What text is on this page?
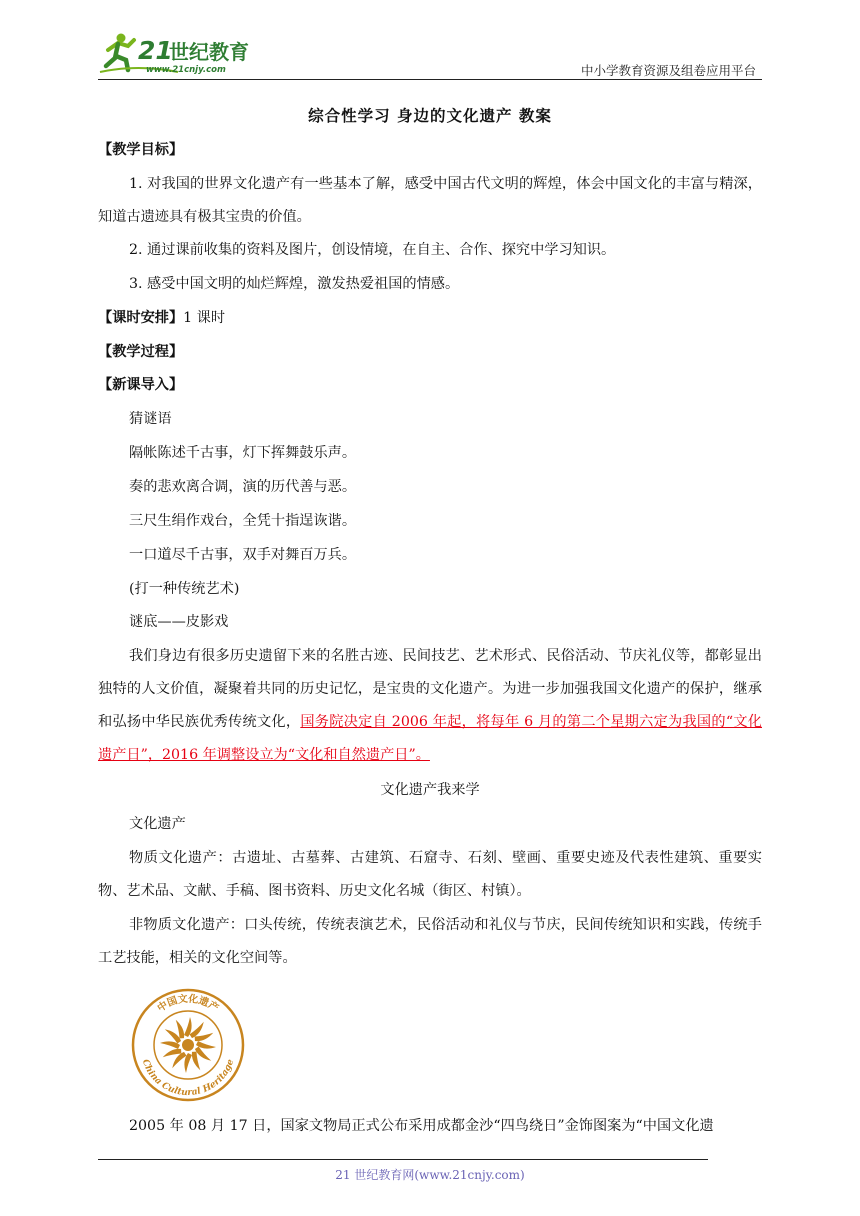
21
世纪教育
www.21cnjy.com	中小学教育资源及组卷应用平台
综合性学习 身边的文化遗产 教案

【教学目标】

1. 对我国的世界文化遗产有一些基本了解，感受中国古代文明的辉煌，体会中国文化的丰富与精深，知道古遗迹具有极其宝贵的价值。

2. 通过课前收集的资料及图片，创设情境，在自主、合作、探究中学习知识。

3. 感受中国文明的灿烂辉煌，激发热爱祖国的情感。

【课时安排】1 课时

【教学过程】

【新课导入】

猜谜语

隔帐陈述千古事，灯下挥舞鼓乐声。

奏的悲欢离合调，演的历代善与恶。

三尺生绢作戏台，全凭十指逞诙谐。

一口道尽千古事，双手对舞百万兵。

(打一种传统艺术)

谜底——皮影戏

我们身边有很多历史遗留下来的名胜古迹、民间技艺、艺术形式、民俗活动、节庆礼仪等，都彰显出独特的人文价值，凝聚着共同的历史记忆，是宝贵的文化遗产。为进一步加强我国文化遗产的保护，继承和弘扬中华民族优秀传统文化，国务院决定自 2006 年起，将每年 6 月的第二个星期六定为我国的“文化遗产日”，2016 年调整设立为“文化和自然遗产日”。

文化遗产我来学

文化遗产

物质文化遗产：古遗址、古墓葬、古建筑、石窟寺、石刻、壁画、重要史迹及代表性建筑、重要实物、艺术品、文献、手稿、图书资料、历史文化名城（街区、村镇）。

非物质文化遗产：口头传统，传统表演艺术，民俗活动和礼仪与节庆，民间传统知识和实践，传统手工艺技能，相关的文化空间等。

中国文化遗产
China Cultural Heritage

2005 年 08 月 17 日，国家文物局正式公布采用成都金沙“四鸟绕日”金饰图案为“中国文化遗

21 世纪教育网(www.21cnjy.com)
